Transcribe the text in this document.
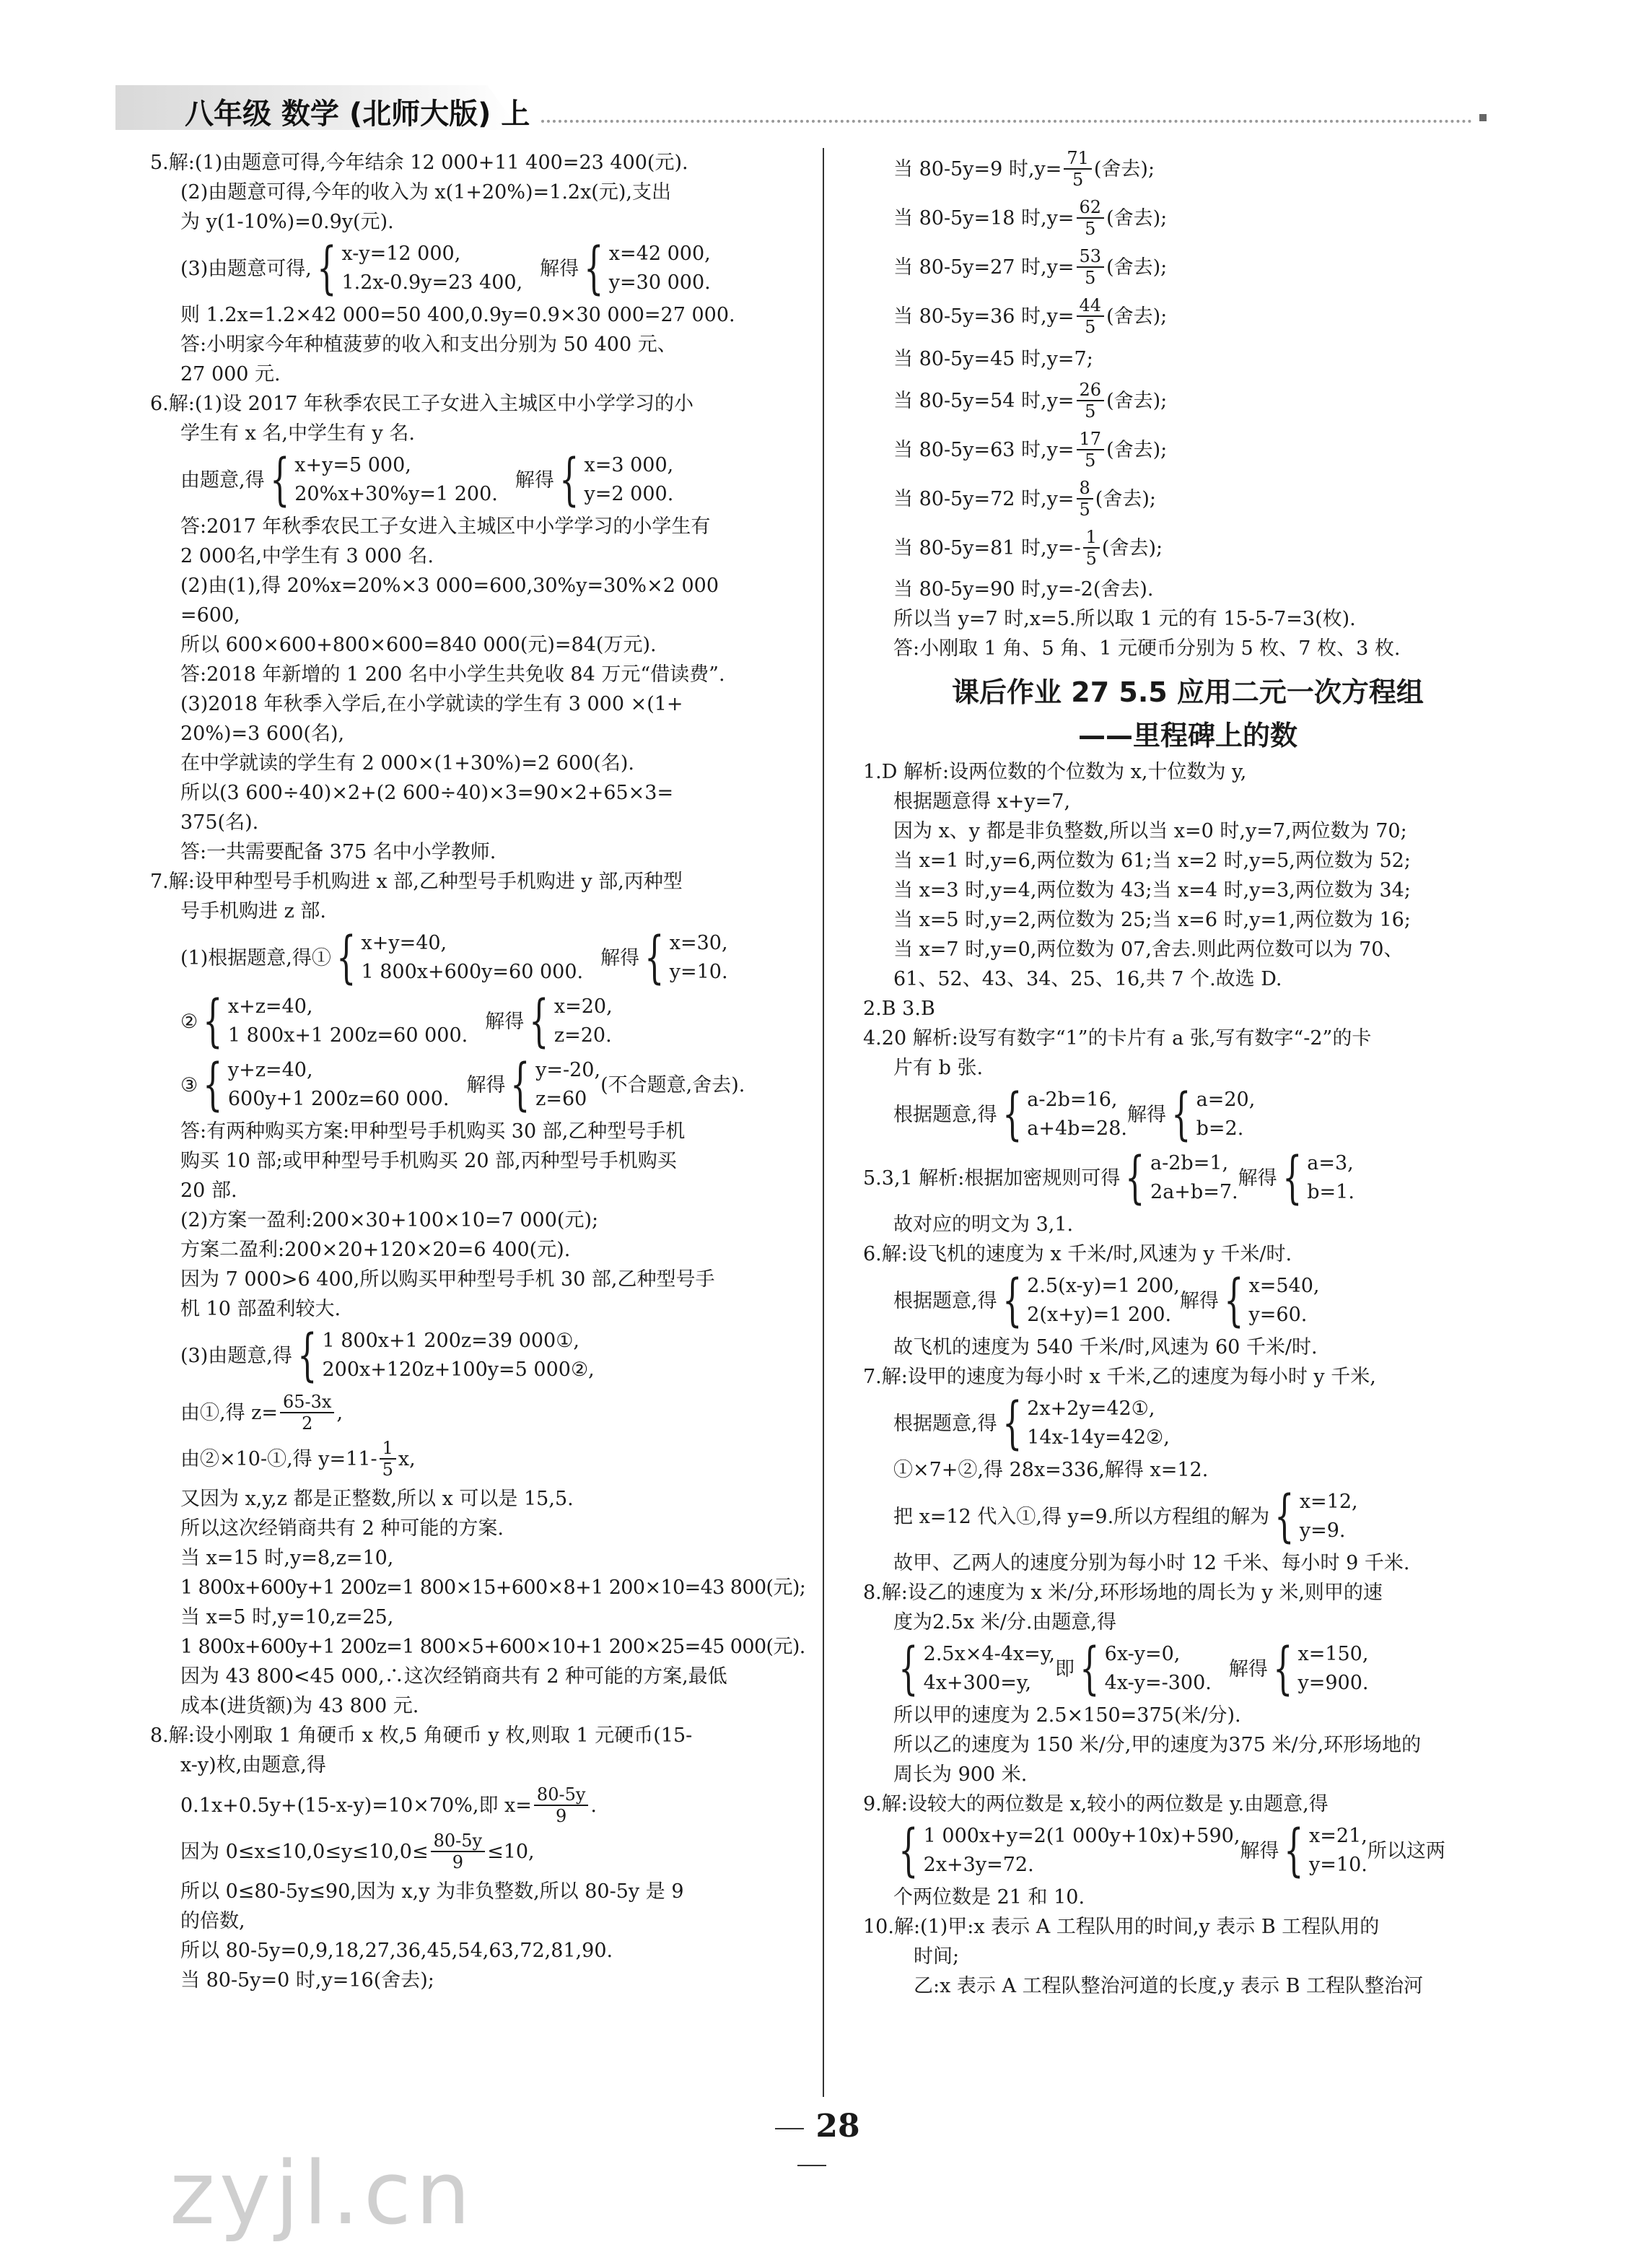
八年级 数学 (北师大版) 上
5.解:(1)由题意可得,今年结余 12 000+11 400=23 400(元).
(2)由题意可得,今年的收入为 x(1+20%)=1.2x(元),支出
为 y(1-10%)=0.9y(元).
(3)由题意可得, { x-y=12 000,
1.2x-0.9y=23 400,
解得 { x=42 000,
y=30 000.
则 1.2x=1.2×42 000=50 400,0.9y=0.9×30 000=27 000.
答:小明家今年种植菠萝的收入和支出分别为 50 400 元、
27 000 元.
6.解:(1)设 2017 年秋季农民工子女进入主城区中小学学习的小
学生有 x 名,中学生有 y 名.
由题意,得 { x+y=5 000,
20%x+30%y=1 200.
解得 { x=3 000,
y=2 000.
答:2017 年秋季农民工子女进入主城区中小学学习的小学生有
2 000名,中学生有 3 000 名.
(2)由(1),得 20%x=20%×3 000=600,30%y=30%×2 000
=600,
所以 600×600+800×600=840 000(元)=84(万元).
答:2018 年新增的 1 200 名中小学生共免收 84 万元“借读费”.
(3)2018 年秋季入学后,在小学就读的学生有 3 000 ×(1+
20%)=3 600(名),
在中学就读的学生有 2 000×(1+30%)=2 600(名).
所以(3 600÷40)×2+(2 600÷40)×3=90×2+65×3=
375(名).
答:一共需要配备 375 名中小学教师.
7.解:设甲种型号手机购进 x 部,乙种型号手机购进 y 部,丙种型
号手机购进 z 部.
(1)根据题意,得① { x+y=40,
1 800x+600y=60 000.
解得 { x=30,
y=10.
② { x+z=40,
1 800x+1 200z=60 000.
解得 { x=20,
z=20.
③ { y+z=40,
600y+1 200z=60 000.
解得 { y=-20,
z=60
(不合题意,舍去).
答:有两种购买方案:甲种型号手机购买 30 部,乙种型号手机
购买 10 部;或甲种型号手机购买 20 部,丙种型号手机购买
20 部.
(2)方案一盈利:200×30+100×10=7 000(元);
方案二盈利:200×20+120×20=6 400(元).
因为 7 000>6 400,所以购买甲种型号手机 30 部,乙种型号手
机 10 部盈利较大.
(3)由题意,得 { 1 800x+1 200z=39 000①,
200x+120z+100y=5 000②,
由①,得 $z= \frac{65-3x}{2}$ ,
由②×10-①,得 $y=11- \frac{1}{5} x$,
又因为 x,y,z 都是正整数,所以 x 可以是 15,5.
所以这次经销商共有 2 种可能的方案.
当 x=15 时,y=8,z=10,
1 800x+600y+1 200z=1 800×15+600×8+1 200×10=43 800(元);
当 x=5 时,y=10,z=25,
1 800x+600y+1 200z=1 800×5+600×10+1 200×25=45 000(元).
因为 43 800<45 000,∴这次经销商共有 2 种可能的方案,最低
成本(进货额)为 43 800 元.
8.解:设小刚取 1 角硬币 x 枚,5 角硬币 y 枚,则取 1 元硬币(15-
x-y)枚,由题意,得
0.1x+0.5y+(15-x-y)=10×70%,即 $x= \frac{80-5y}{9}$ .
因为 $0\le x\le 10,0\le y\le 10,0\le \frac{80-5y}{9} \le 10$,
所以 0≤80-5y≤90,因为 x,y 为非负整数,所以 80-5y 是 9
的倍数,
所以 80-5y=0,9,18,27,36,45,54,63,72,81,90.
当 80-5y=0 时,y=16(舍去);
当 80-5y=9 时$,y= \frac{71}{5}$ (舍去);
当 80-5y=18 时$,y= \frac{62}{5}$ (舍去);
当 80-5y=27 时$,y= \frac{53}{5}$ (舍去);
当 80-5y=36 时$,y= \frac{44}{5}$ (舍去);
当 80-5y=45 时,y=7;
当 80-5y=54 时$,y= \frac{26}{5}$ (舍去);
当 80-5y=63 时$,y= \frac{17}{5}$ (舍去);
当 80-5y=72 时$,y= \frac{8}{5}$ (舍去);
当 80-5y=81 时$,y=- \frac{1}{5}$ (舍去);
当 80-5y=90 时,y=-2(舍去).
所以当 y=7 时,x=5.所以取 1 元的有 15-5-7=3(枚).
答:小刚取 1 角、5 角、1 元硬币分别为 5 枚、7 枚、3 枚.
课后作业 27 5.5 应用二元一次方程组
——里程碑上的数
1.D 解析:设两位数的个位数为 x,十位数为 y,
根据题意得 x+y=7,
因为 x、y 都是非负整数,所以当 x=0 时,y=7,两位数为 70;
当 x=1 时,y=6,两位数为 61;当 x=2 时,y=5,两位数为 52;
当 x=3 时,y=4,两位数为 43;当 x=4 时,y=3,两位数为 34;
当 x=5 时,y=2,两位数为 25;当 x=6 时,y=1,两位数为 16;
当 x=7 时,y=0,两位数为 07,舍去.则此两位数可以为 70、
61、52、43、34、25、16,共 7 个.故选 D.
2.B 3.B
4.20 解析:设写有数字“1”的卡片有 a 张,写有数字“-2”的卡
片有 b 张.
根据题意,得 { a-2b=16,
a+4b=28.
解得 { a=20,
b=2.
5.3,1 解析:根据加密规则可得 { a-2b=1,
2a+b=7.
解得 { a=3,
b=1.
故对应的明文为 3,1.
6.解:设飞机的速度为 x 千米/时,风速为 y 千米/时.
根据题意,得 { 2.5(x-y)=1 200,
2(x+y)=1 200.
解得 { x=540,
y=60.
故飞机的速度为 540 千米/时,风速为 60 千米/时.
7.解:设甲的速度为每小时 x 千米,乙的速度为每小时 y 千米,
根据题意,得 { 2x+2y=42①,
14x-14y=42②,
①×7+②,得 28x=336,解得 x=12.
把 x=12 代入①,得 y=9.所以方程组的解为 { x=12,
y=9.
故甲、乙两人的速度分别为每小时 12 千米、每小时 9 千米.
8.解:设乙的速度为 x 米/分,环形场地的周长为 y 米,则甲的速
度为2.5x 米/分.由题意,得
{ 2.5x×4-4x=y,
4x+300=y,
即 { 6x-y=0,
4x-y=-300.
解得 { x=150,
y=900.
所以甲的速度为 2.5×150=375(米/分).
所以乙的速度为 150 米/分,甲的速度为375 米/分,环形场地的
周长为 900 米.
9.解:设较大的两位数是 x,较小的两位数是 y.由题意,得
{ 1 000x+y=2(1 000y+10x)+590,
2x+3y=72.
解得 { x=21,
y=10.
所以这两
个两位数是 21 和 10.
10.解:(1)甲:x 表示 A 工程队用的时间,y 表示 B 工程队用的
时间;
乙:x 表示 A 工程队整治河道的长度,y 表示 B 工程队整治河
28
zyjl.cn
